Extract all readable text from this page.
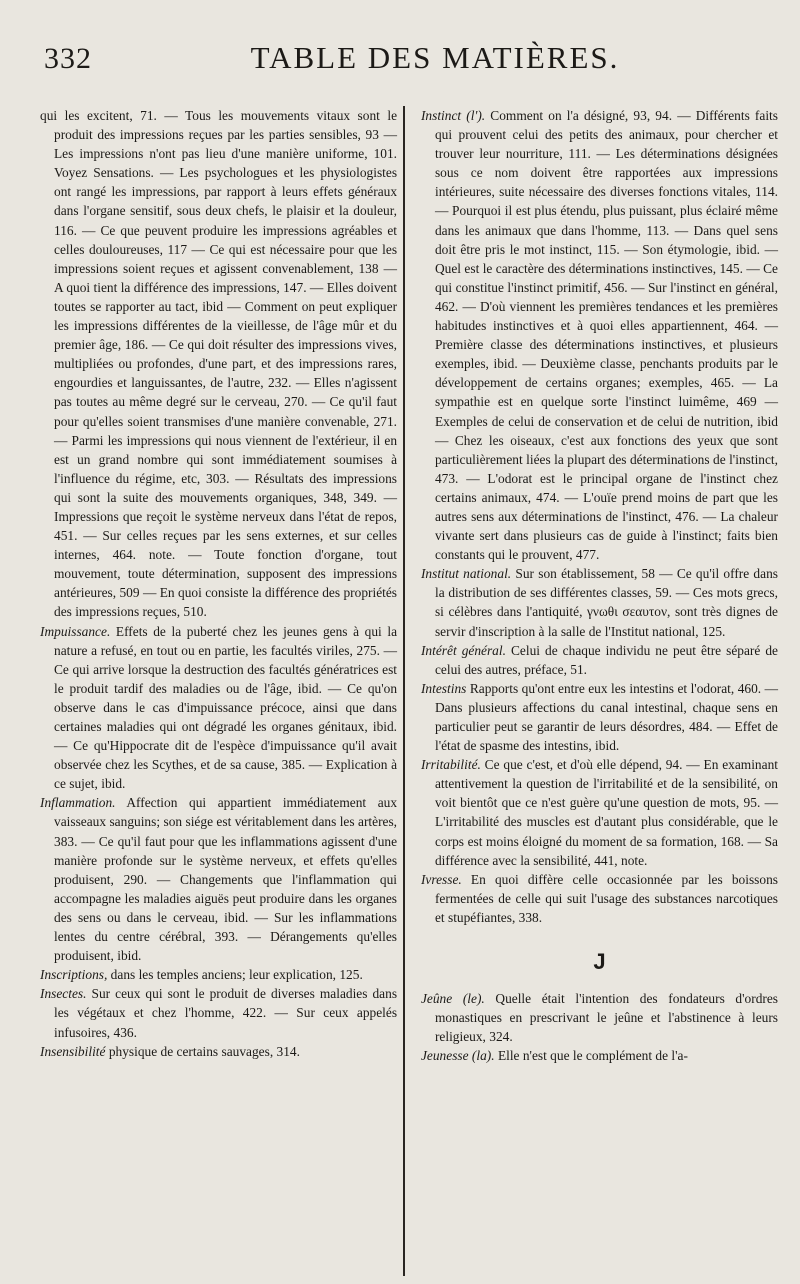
332	TABLE DES MATIÈRES.

qui les excitent, 71. — Tous les mouvements vitaux sont le produit des impressions reçues par les parties sensibles, 93 — Les impressions n'ont pas lieu d'une manière uniforme, 101. Voyez Sensations. — Les psychologues et les physiologistes ont rangé les impressions, par rapport à leurs effets généraux dans l'organe sensitif, sous deux chefs, le plaisir et la douleur, 116. — Ce que peuvent produire les impressions agréables et celles douloureuses, 117 — Ce qui est nécessaire pour que les impressions soient reçues et agissent convenablement, 138 — A quoi tient la différence des impressions, 147. — Elles doivent toutes se rapporter au tact, ibid — Comment on peut expliquer les impressions différentes de la vieillesse, de l'âge mûr et du premier âge, 186. — Ce qui doit résulter des impressions vives, multipliées ou profondes, d'une part, et des impressions rares, engourdies et languissantes, de l'autre, 232. — Elles n'agissent pas toutes au même degré sur le cerveau, 270. — Ce qu'il faut pour qu'elles soient transmises d'une manière convenable, 271. — Parmi les impressions qui nous viennent de l'extérieur, il en est un grand nombre qui sont immédiatement soumises à l'influence du régime, etc, 303. — Résultats des impressions qui sont la suite des mouvements organiques, 348, 349. — Impressions que reçoit le système nerveux dans l'état de repos, 451. — Sur celles reçues par les sens externes, et sur celles internes, 464. note. — Toute fonction d'organe, tout mouvement, toute détermination, supposent des impressions antérieures, 509 — En quoi consiste la différence des propriétés des impressions reçues, 510.

Impuissance. Effets de la puberté chez les jeunes gens à qui la nature a refusé, en tout ou en partie, les facultés viriles, 275. — Ce qui arrive lorsque la destruction des facultés génératrices est le produit tardif des maladies ou de l'âge, ibid. — Ce qu'on observe dans le cas d'impuissance précoce, ainsi que dans certaines maladies qui ont dégradé les organes génitaux, ibid. — Ce qu'Hippocrate dit de l'espèce d'impuissance qu'il avait observée chez les Scythes, et de sa cause, 385. — Explication à ce sujet, ibid.

Inflammation. Affection qui appartient immédiatement aux vaisseaux sanguins; son siége est véritablement dans les artères, 383. — Ce qu'il faut pour que les inflammations agissent d'une manière profonde sur le système nerveux, et effets qu'elles produisent, 290. — Changements que l'inflammation qui accompagne les maladies aiguës peut produire dans les organes des sens ou dans le cerveau, ibid. — Sur les inflammations lentes du centre cérébral, 393. — Dérangements qu'elles produisent, ibid.

Inscriptions, dans les temples anciens; leur explication, 125.

Insectes. Sur ceux qui sont le produit de diverses maladies dans les végétaux et chez l'homme, 422. — Sur ceux appelés infusoires, 436.

Insensibilité physique de certains sauvages, 314.

Instinct (l'). Comment on l'a désigné, 93, 94. — Différents faits qui prouvent celui des petits des animaux, pour chercher et trouver leur nourriture, 111. — Les déterminations désignées sous ce nom doivent être rapportées aux impressions intérieures, suite nécessaire des diverses fonctions vitales, 114. — Pourquoi il est plus étendu, plus puissant, plus éclairé même dans les animaux que dans l'homme, 113. — Dans quel sens doit être pris le mot instinct, 115. — Son étymologie, ibid. — Quel est le caractère des déterminations instinctives, 145. — Ce qui constitue l'instinct primitif, 456. — Sur l'instinct en général, 462. — D'où viennent les premières tendances et les premières habitudes instinctives et à quoi elles appartiennent, 464. — Première classe des déterminations instinctives, et plusieurs exemples, ibid. — Deuxième classe, penchants produits par le développement de certains organes; exemples, 465. — La sympathie est en quelque sorte l'instinct luimême, 469 — Exemples de celui de conservation et de celui de nutrition, ibid — Chez les oiseaux, c'est aux fonctions des yeux que sont particulièrement liées la plupart des déterminations de l'instinct, 473. — L'odorat est le principal organe de l'instinct chez certains animaux, 474. — L'ouïe prend moins de part que les autres sens aux déterminations de l'instinct, 476. — La chaleur vivante sert dans plusieurs cas de guide à l'instinct; faits bien constants qui le prouvent, 477.

Institut national. Sur son établissement, 58 — Ce qu'il offre dans la distribution de ses différentes classes, 59. — Ces mots grecs, si célèbres dans l'antiquité, γνωθι σεαυτον, sont très dignes de servir d'inscription à la salle de l'Institut national, 125.

Intérêt général. Celui de chaque individu ne peut être séparé de celui des autres, préface, 51.

Intestins Rapports qu'ont entre eux les intestins et l'odorat, 460. — Dans plusieurs affections du canal intestinal, chaque sens en particulier peut se garantir de leurs désordres, 484. — Effet de l'état de spasme des intestins, ibid.

Irritabilité. Ce que c'est, et d'où elle dépend, 94. — En examinant attentivement la question de l'irritabilité et de la sensibilité, on voit bientôt que ce n'est guère qu'une question de mots, 95. — L'irritabilité des muscles est d'autant plus considérable, que le corps est moins éloigné du moment de sa formation, 168. — Sa différence avec la sensibilité, 441, note.

Ivresse. En quoi diffère celle occasionnée par les boissons fermentées de celle qui suit l'usage des substances narcotiques et stupéfiantes, 338.

J

Jeûne (le). Quelle était l'intention des fondateurs d'ordres monastiques en prescrivant le jeûne et l'abstinence à leurs religieux, 324.

Jeunesse (la). Elle n'est que le complément de l'a-
